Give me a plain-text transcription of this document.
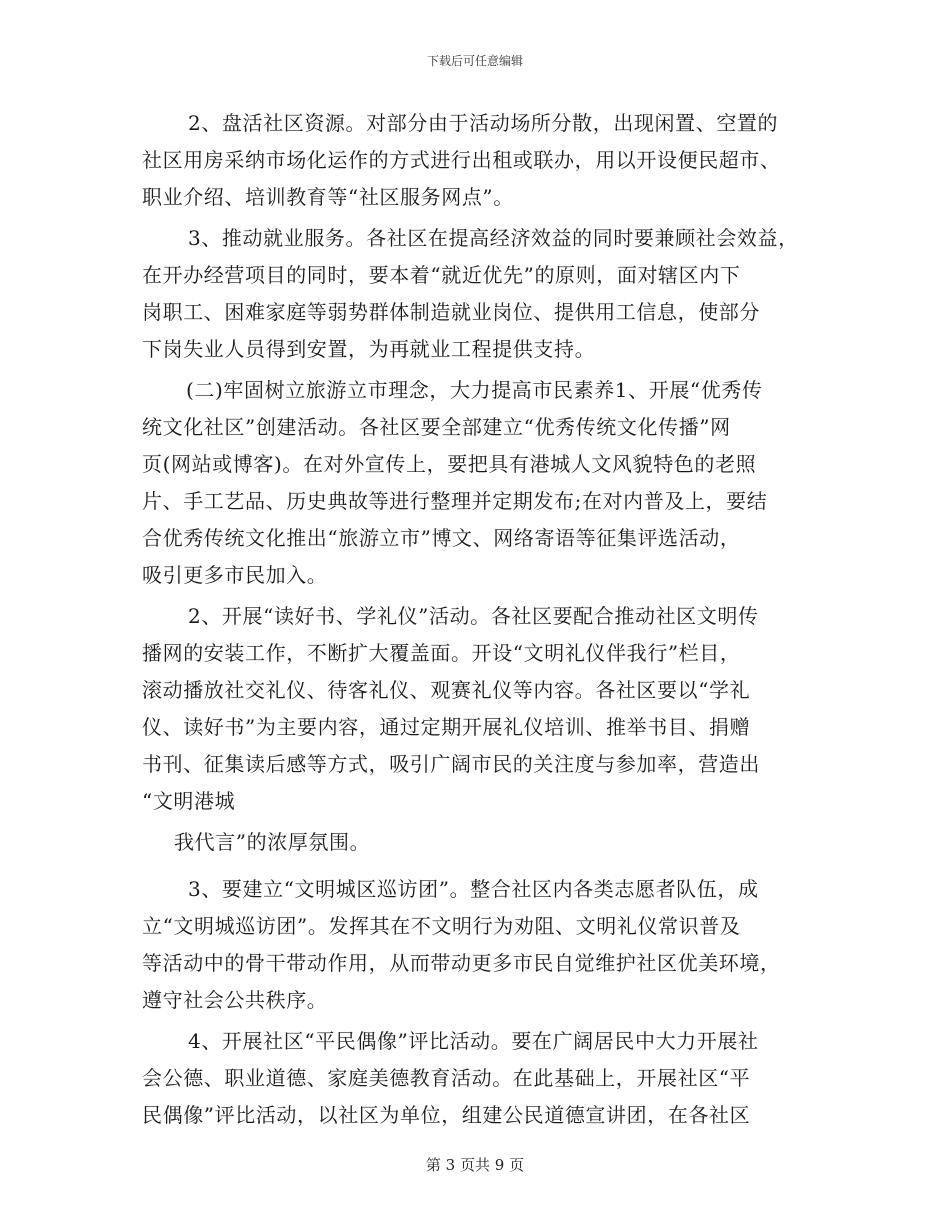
下载后可任意编辑
2、盘活社区资源。对部分由于活动场所分散，出现闲置、空置的
社区用房采纳市场化运作的方式进行出租或联办，用以开设便民超市、
职业介绍、培训教育等“社区服务网点”。
3、推动就业服务。各社区在提高经济效益的同时要兼顾社会效益，
在开办经营项目的同时，要本着“就近优先”的原则，面对辖区内下
岗职工、困难家庭等弱势群体制造就业岗位、提供用工信息，使部分
下岗失业人员得到安置，为再就业工程提供支持。
(二)牢固树立旅游立市理念，大力提高市民素养1、开展“优秀传
统文化社区”创建活动。各社区要全部建立“优秀传统文化传播”网
页(网站或博客)。在对外宣传上，要把具有港城人文风貌特色的老照
片、手工艺品、历史典故等进行整理并定期发布;在对内普及上，要结
合优秀传统文化推出“旅游立市”博文、网络寄语等征集评选活动，
吸引更多市民加入。
2、开展“读好书、学礼仪”活动。各社区要配合推动社区文明传
播网的安装工作，不断扩大覆盖面。开设“文明礼仪伴我行”栏目，
滚动播放社交礼仪、待客礼仪、观赛礼仪等内容。各社区要以“学礼
仪、读好书”为主要内容，通过定期开展礼仪培训、推举书目、捐赠
书刊、征集读后感等方式，吸引广阔市民的关注度与参加率，营造出
“文明港城
我代言”的浓厚氛围。
3、要建立“文明城区巡访团”。整合社区内各类志愿者队伍，成
立“文明城巡访团”。发挥其在不文明行为劝阻、文明礼仪常识普及
等活动中的骨干带动作用，从而带动更多市民自觉维护社区优美环境，
遵守社会公共秩序。
4、开展社区“平民偶像”评比活动。要在广阔居民中大力开展社
会公德、职业道德、家庭美德教育活动。在此基础上，开展社区“平
民偶像”评比活动，以社区为单位，组建公民道德宣讲团，在各社区
第 3 页共 9 页
